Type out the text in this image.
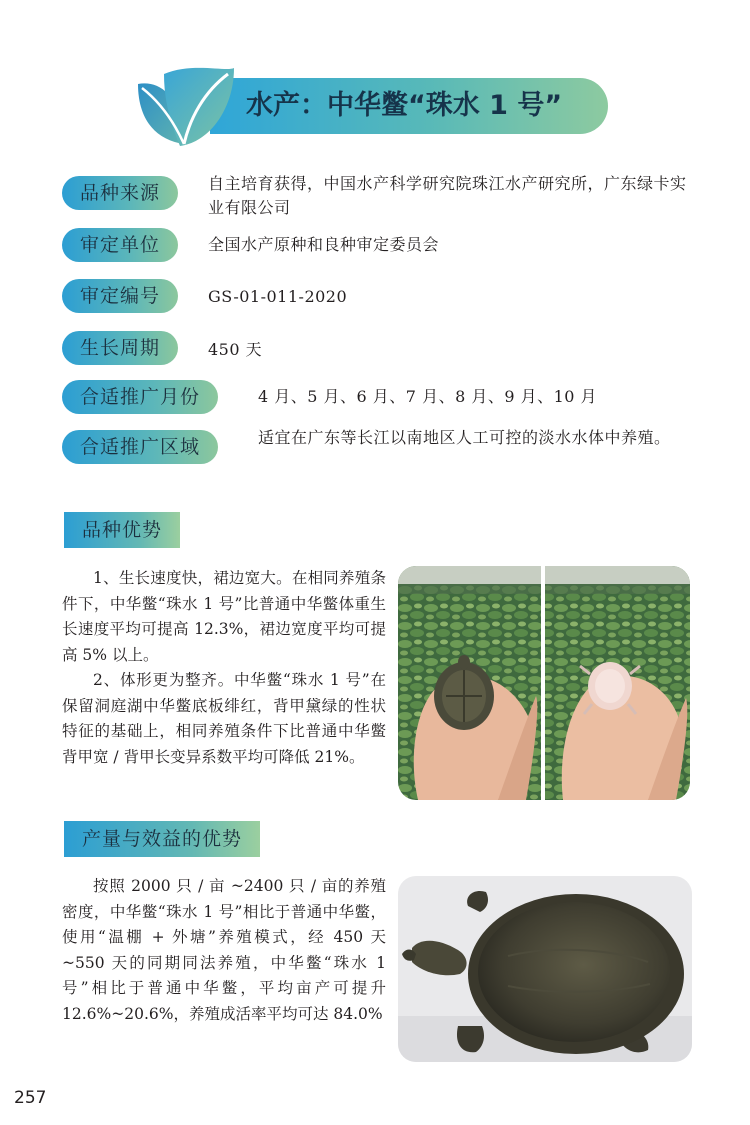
水产：中华鳖“珠水 1 号”
品种来源	自主培育获得，中国水产科学研究院珠江水产研究所，广东绿卡实业有限公司
审定单位	全国水产原种和良种审定委员会
审定编号	GS-01-011-2020
生长周期	450 天
合适推广月份	4 月、5 月、6 月、7 月、8 月、9 月、10 月
合适推广区域	适宜在广东等长江以南地区人工可控的淡水水体中养殖。
品种优势
1、生长速度快，裙边宽大。在相同养殖条件下，中华鳖“珠水 1 号”比普通中华鳖体重生长速度平均可提高 12.3%，裙边宽度平均可提高 5% 以上。
2、体形更为整齐。中华鳖“珠水 1 号”在保留洞庭湖中华鳖底板绯红，背甲黛绿的性状特征的基础上，相同养殖条件下比普通中华鳖背甲宽 / 背甲长变异系数平均可降低 21%。
产量与效益的优势
按照 2000 只 / 亩 ~2400 只 / 亩的养殖密度，中华鳖“珠水 1 号”相比于普通中华鳖，使用“温棚 + 外塘”养殖模式，经 450 天 ~550 天的同期同法养殖，中华鳖“珠水 1 号”相比于普通中华鳖，平均亩产可提升 12.6%~20.6%，养殖成活率平均可达 84.0%
257
